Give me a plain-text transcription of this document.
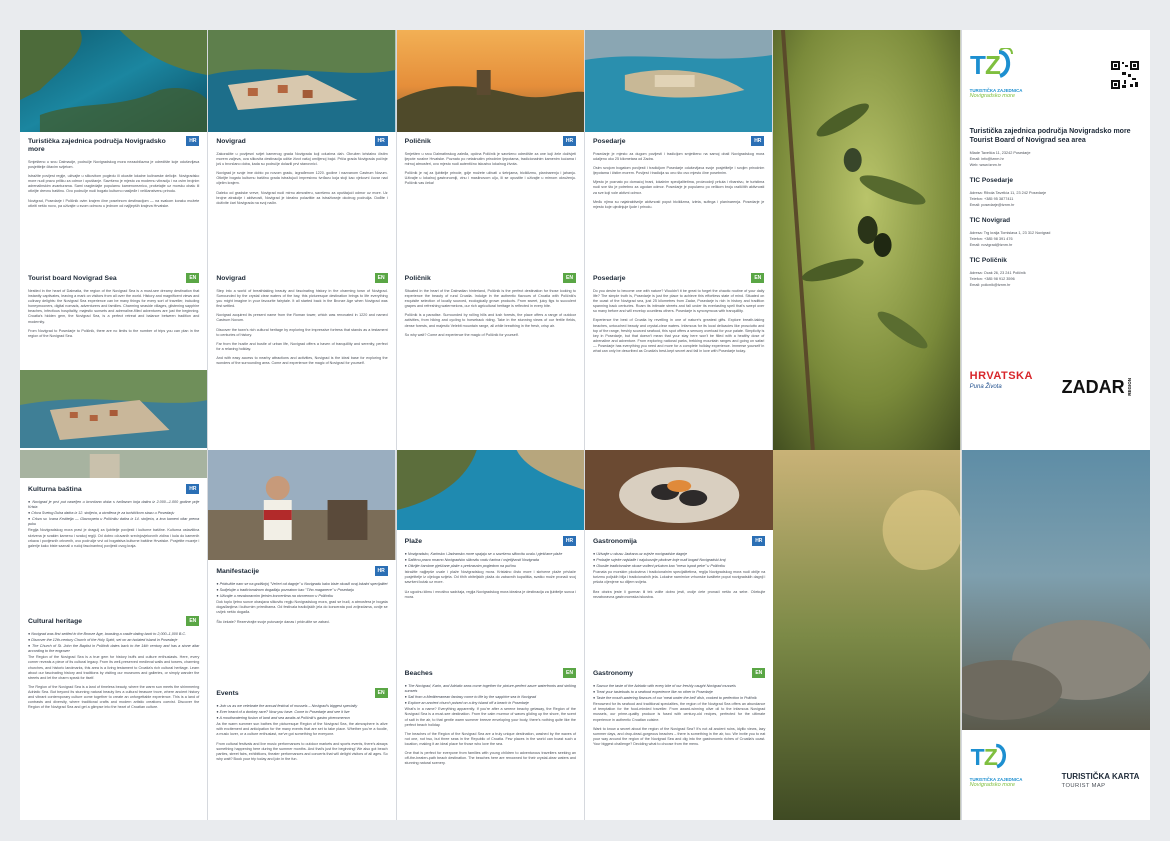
HR
Turistička zajednica područja Novigradsko more

Smješteno u srcu Dalmacije, područje Novigradskog mora nezaobilazna je odredište koje oduševljava posjetitelje čitavim svijetom.

Istražite povijest regije, uživajte u slikovitom pogledu ili okusite lokalne kulinarske delicije. Novigradsko more nudi pravu priliku za odmor i opuštanje. Savršeno je mjesto za modernu vibraciju i na ovim brojnim adrenalinskim avanturama. Sami razgledajte popularnu kamenoreznicu, prošetajte uz morsku obalu ili otkrijte drevnu baštinu. Ovo područje nudi bogato kulturno nasljeđe i veličanstvenu prirodu.

Novigrad, Posedarje i Poličnik ovim krajem čine posebnom destinacijom — na svakom koraku možete otkriti nešto novo, pa uživajte u svom odmoru u jednom od najljepših krajeva Hrvatske.

EN
Tourist board Novigrad Sea

Nestled in the heart of Dalmatia, the region of the Novigrad Sea is a must-see dreamy destination that instantly captivates, leaving a mark on visitors from all over the world. History and magnificent views and culinary delights: the Novigrad Sea experience can be many things for every sort of traveller, including honeymooners, digital nomads, adventurers and families. Charming seaside villages, glistening sapphire beaches, infectious hospitality, majestic sunsets and adrenaline-filled adventures are just the beginning. Croatia's hidden gem, the Novigrad Sea, is a perfect retreat and balance between tradition and modernity.

From Novigrad to Posedarje to Poličnik, there are no limits to the number of trips you can plan in the region of the Novigrad Sea.

HR
Novigrad

Zakoračite u povijesni svijet kamenog grada Novigrada koji oduzima dah. Okružen kristalno čistim morem zaljeva, ova slikovita destinacija udiše život vašoj omiljenoj bajci. Priča grada Novigrada počinje još u brončano doba, kada su područje dolazili prvi stanovnici.

Novigrad je svoje ime dobio po novom gradu, izgrađenom 1220. godine i nazvanom Castrum Novum. Otkrijte bogatu kulturnu baštinu grada istražujući impresivnu tvrđavu koja stoji kao vjekovni čuvar nad cijelim krajem.

Daleko od gradske vreve, Novigrad nudi mirnu atmosferu, savršenu za opuštajući odmor uz more. Uz brojne atrakcije i aktivnosti, Novigrad je idealno polazište za istraživanje okolnog područja. Dođite i doživite čari Novigrada na svoj način.

EN
Novigrad

Step into a world of breathtaking beauty and fascinating history in the charming town of Novigrad. Surrounded by the crystal clear waters of the bay, this picturesque destination brings to life everything you might imagine in your favourite fairytale. It all started back in the Bronze Age when Novigrad was first settled.

Novigrad acquired its present name from the Roman tower, which was renovated in 1220 and named Castrum Novum.

Discover the town's rich cultural heritage by exploring the impressive fortress that stands as a testament to centuries of history.

Far from the hustle and bustle of urban life, Novigrad offers a haven of tranquillity and serenity, perfect for a relaxing holiday.

And with easy access to nearby attractions and activities, Novigrad is the ideal base for exploring the wonders of the surrounding area. Come and experience the magic of Novigrad for yourself.

HR
Poličnik

Smješten u srcu Dalmatinskog zaleđa, općina Poličnik je savršeno odredište za one koji žele doživjeti ljepote ruralne Hrvatske. Poznato po netaknutim prirodnim ljepotama, tradicionalnim kamenim kućama i mirnoj atmosferi, ovo mjesto nudi autentično iskustvo lokalnog života.

Poličnik je raj za ljubitelje prirode, gdje možete uživati u šetnjama, biciklizmu, planinarenju i jahanju. Uživajte u lokalnoj gastronomiji, vinu i maslinovom ulju, ili se opustite i uživajte u mirnom okruženju. Poličnik vas čeka!

EN
Poličnik

Situated in the heart of the Dalmatian hinterland, Poličnik is the perfect destination for those looking to experience the beauty of rural Croatia. Indulge in the authentic flavours of Croatia with Poličnik's exquisite selection of locally sourced, ecologically grown products. From sweet, juicy figs to succulent grapes and refreshing watermelons, our rich agricultural heritage is reflected in every bite.

Poličnik is a paradise. Surrounded by rolling hills and lush forests, the place offers a range of outdoor activities, from hiking and cycling to horseback riding. Take in the stunning views of our fertile fields, dense forests, and majestic Velebit mountain range, all while breathing in the fresh, crisp air.

So why wait? Come and experience the magic of Poličnik for yourself.

HR
Posedarje

Posedarje je mjesto za dugom povijesti i tradicijom smješteno na samoj obali Novigradskog mora udaljeno oko 25 kilometara od Zadra.

Osim svojom bogatom povijesti i tradicijom Posedarje oduševljava svoje posjetitelje i svojim prirodnim ljepotama i čistim morem. Povijest i tradicija su ono što ovo mjesto čine posebnim.

Mjesto je poznato po domaćoj hrani, lokalnim specijalitetima, proizvodnji pršuta i ribarstvu, te turistima nudi sve što je potrebno za ugodan odmor. Posedarje je popularno po velikom broju različitih aktivnosti za sve koji vole aktivni odmor.

Među njima su najatraktivnije aktivnosti poput biciklizma, izleta, sufinga i planinarenja. Posedarje je mjesto koje ujedinjuje ljude i prirodu.

EN
Posedarje

Do you desire to become one with nature? Wouldn't it be great to forget the chaotic routine of your daily life? The simple truth is, Posedarje is just the place to achieve this effortless state of mind. Situated on the coast of the Novigrad sea, just 25 kilometres from Zadar, Posedarje is rich in history and tradition spanning back centuries. Roam its intimate streets and fall under its everlasting spell that's swept over so many before and will envelop countless others. Posedarje is synonymous with tranquillity.

Experience the best of Croatia by revelling in one of nature's greatest gifts. Explore breath-taking beaches, untouched beauty and crystal-clear waters. Infamous for its local delicacies like prosciutto and top of the range, freshly sourced seafood, this spot offers a sensory overload for your palate. Simplicity is key in Posedarje, but that doesn't mean that your stay here won't be filled with a healthy dose of adrenaline and adventure. From exploring national parks, trekking mountain ranges and going on safari — Posedarje has everything you need and more for a complete holiday experience. Immerse yourself in what can only be described as Croatia's best-kept secret and fall in love with Posedarje today.

T Z
TURISTIČKA ZAJEDNICA
Novigradsko more
Turistička zajednica područja Novigradsko more Tourist Board of Novigrad sea area
Mlade Tavelića 11, 23242 Posedarje
Email: info@tznm.hr
Web: www.tznm.hr
TIC Posedarje
Adresa: Ribola Tavelića 11, 23 242 Posedarje
Telefon: +385 95 3877411
Email: posedarje@tznm.hr
TIC Novigrad
Adresa: Trg kralja Tomislava 1, 23 312 Novigrad
Telefon: +385 98 391 476
Email: novigrad@tznm.hr
TIC Poličnik
Adresa: Ocak 26, 23 241 Poličnik
Telefon: +385 98 912 3596
Email: policnik@tznm.hr
HRVATSKA
Puna Života	ZADAR REGION
T Z
TURISTIČKA ZAJEDNICA
Novigradsko more
TURISTIČKA KARTA
TOURIST MAP
HR
Kulturna baština

● Novigrad je prvi put naseljen u brončano doba s tvrđavom koja datira iz 2.000.–1.000 godine prije Krista

● Crkva Svetog Duha datira iz 12. stoljeća, a utvrđena je za turističkom stazu u Posedarju

● Crkva sv. Ivana Krstitelja — Glavocpeta u Poličniku datira iz 14. stoljeća, a ima kameni oltar prema puku

Regija Novigradskog mora pravi je dragulj za ljubitelje povijesti i kulturne baštine. Kulturna ostavština skrivena je svakim kamenu i svakoj regiji. Od dobro očuvanih srednjovjekovnih zidina i kula do kamenih crkava i povijesnih crkvenih, ovo područje vrvi od bogatstva kulturne baštine Hrvatske. Posjetite muzeje i galerije kako biste saznali o rudoj fascinantnoj povijesti ovog kraja.

EN
Cultural heritage

● Novigrad was first settled in the Bronze Age, boasting a castle dating back to 2,000–1,000 B.C.

● Discover the 12th-century Church of the Holy Spirit, set on an isolated island in Posedarje

● The Church of St. John the Baptist in Poličnik dates back to the 14th century and has a stone altar according to the engraver

The Region of the Novigrad Sea is a true gem for history buffs and culture enthusiasts. Here, every corner reveals a piece of its cultural legacy. From its well-preserved medieval walls and towers, charming churches, and historic landmarks, this area is a living testament to Croatia's rich cultural heritage. Learn about our fascinating history and traditions by visiting our museums and galleries, or simply wander the streets and let the charm speak for itself.

The Region of the Novigrad Sea is a land of timeless beauty, where the warm sun meets the shimmering Adriatic Sea. But beyond its stunning natural beauty lies a cultural treasure trove, where ancient history and vibrant contemporary culture come together to create an unforgettable experience. This is a land of contrasts and diversity, where traditional crafts and modern artistic creations coexist. Discover the Region of the Novigrad Sea and get a glimpse into the heart of Croatian culture.

HR
Manifestacije

● Pridružite nam se na godišnjoj "Večeri od dagnje" u Novigradu kako biste okusili ovaj lokalni specijalitet

● Sudjelujte u tradicionalnom događaju poznatom kao "Tiho maganece" u Posedarju

● Uživajte u nezaboravnim ljetnim koncertima na otvorenom u Poličniku

Dok toplo ljetno sunce obasjava slikovitu regiju Novigradskog mora, grad se budi, a atmosfera je bogata događanjima i kulturnim priredbama. Od festivala tradicijskih jela do koncerata pod zvijezdama, ovdje se uvijek nešto događa.

Što čekate? Rezervirajte svoje putovanje danas i pridružite se zabavi.

EN
Events

● Join us as we celebrate the annual festival of mussels – Novigrad's biggest specialty

● Ever heard of a donkey race? Now you have. Come to Posedarje and see it live

● A mouthwatering fusion of land and sea awaits at Poličnik's gastro phenomenon

As the warm summer sun bathes the picturesque Region of the Novigrad Sea, the atmosphere is alive with excitement and anticipation for the many events that are set to take place. Whether you're a foodie, a music lover, or a culture enthusiast, we've got something for everyone.

From cultural festivals and live music performances to outdoor markets and sports events, there's always something happening here during the summer months. And that's just the beginning! We also got beach parties, street fairs, exhibitions, theater performances and concerts that will delight visitors of all ages. So why wait? Book your trip today and join in the fun.

HR
Plaže

● Novigradsko, Karinsko i Jadransko more spajaju se u savršenu slikovitu uvalu i pješčane plaže

● Saftirnu pravo rmarno Novigradsko slikovitu vodu čarima i osjetljivosti Novigrada

● Otkrijte čarobne pješčane plaže s prekrasnim pogledom na pučinu

Istražite najljepše uvale i plaže Novigradskog mora. Kristalno čisto more i skrivene plaže privlače posjetitelje iz cijeloga svijeta. Od tihih obiteljskih plaža do zabavnih kupališta, svatko može pronaći svoj savršeni kutak uz more.

Uz ugodnu klimu i mnoštvo sadržaja, regija Novigradskog mora idealna je destinacija za ljubitelje sunca i mora.

EN
Beaches

● The Novigrad, Karin, and Adriatic seas come together for picture-perfect azure waterfronts and striking sunsets

● Sail from a Mediterranean fantasy come to life by the sapphire sea in Novigrad

● Explore an ancient church poised on a tiny island off a beach in Posedarje

What's in a name? Everything apparently. If you're after a serene beachy getaway, the Region of the Novigrad Sea is a must-see destination. From the calm murmur of waves gliding up the shore, the scent of salt in the air, to that gentle warm summer breeze enveloping your body, there's nothing quite like the perfect beach holiday.

The beaches of the Region of the Novigrad Sea are a truly unique destination, washed by the waves of not one, not two, but three seas in the Republic of Croatia. Few places in the world can boast such a location, making it an ideal place for those who love the sea.

One that is perfect for everyone from families with young children to adventurous travellers seeking an off-the-beaten-path beach destination. The beaches here are renowned for their crystal-clear waters and stunning natural scenery.

HR
Gastronomija

● Uživajte u okusu Jadrana uz svježe novigradske dagnje

● Probajte svježe najslađe i najukusnije plodove koje nudi bogati Novigradski kraj

● Okusite tradicionalne okuse vođeni pršutom kao "meso ispod peke" u Poličniku

Poznata po morskim plodovima i tradicionalnim specijalitetima, regija Novigradskog mora nudi obilje na turizmu poljskih bilja i tradicionalnih jela. Lokalne namirnice vrhunske kvalitete poput novigradskih dagnji i pršuta cijenjene su diljem svijeta.

Bez obzira jeste li gurman ili tek volite dobro jesti, ovdje ćete pronaći nešto za sebe. Očekujte nezaboravna gastronomska iskustva.

EN
Gastronomy

● Savour the taste of the Adriatic with every bite of our freshly caught Novigrad mussels

● Treat your tastebuds to a seafood experience like no other in Posedarje

● Taste the mouth-watering flavours of our 'meat under the bell' dish, cooked to perfection in Poličnik

Renowned for its seafood and traditional specialties, the region of the Novigrad Sea offers an abundance of temptation for the food-minded traveller. From award-winning olive oil to the infamous Novigrad mussels, our prime-quality produce is fused with century-old recipes, perfected for the ultimate experience in authentic Croatian cuisine.

Want to know a secret about the region of the Novigrad Sea? It's not all ancient ruins, idyllic views, lazy summer days, and drop-dead-gorgeous beaches – there is something in the air, too. We invite you to eat your way around the region of the Novigrad Sea and dig into the gastronomic riches of Croatia's coast. Your biggest challenge? Deciding what to choose from the menu.
